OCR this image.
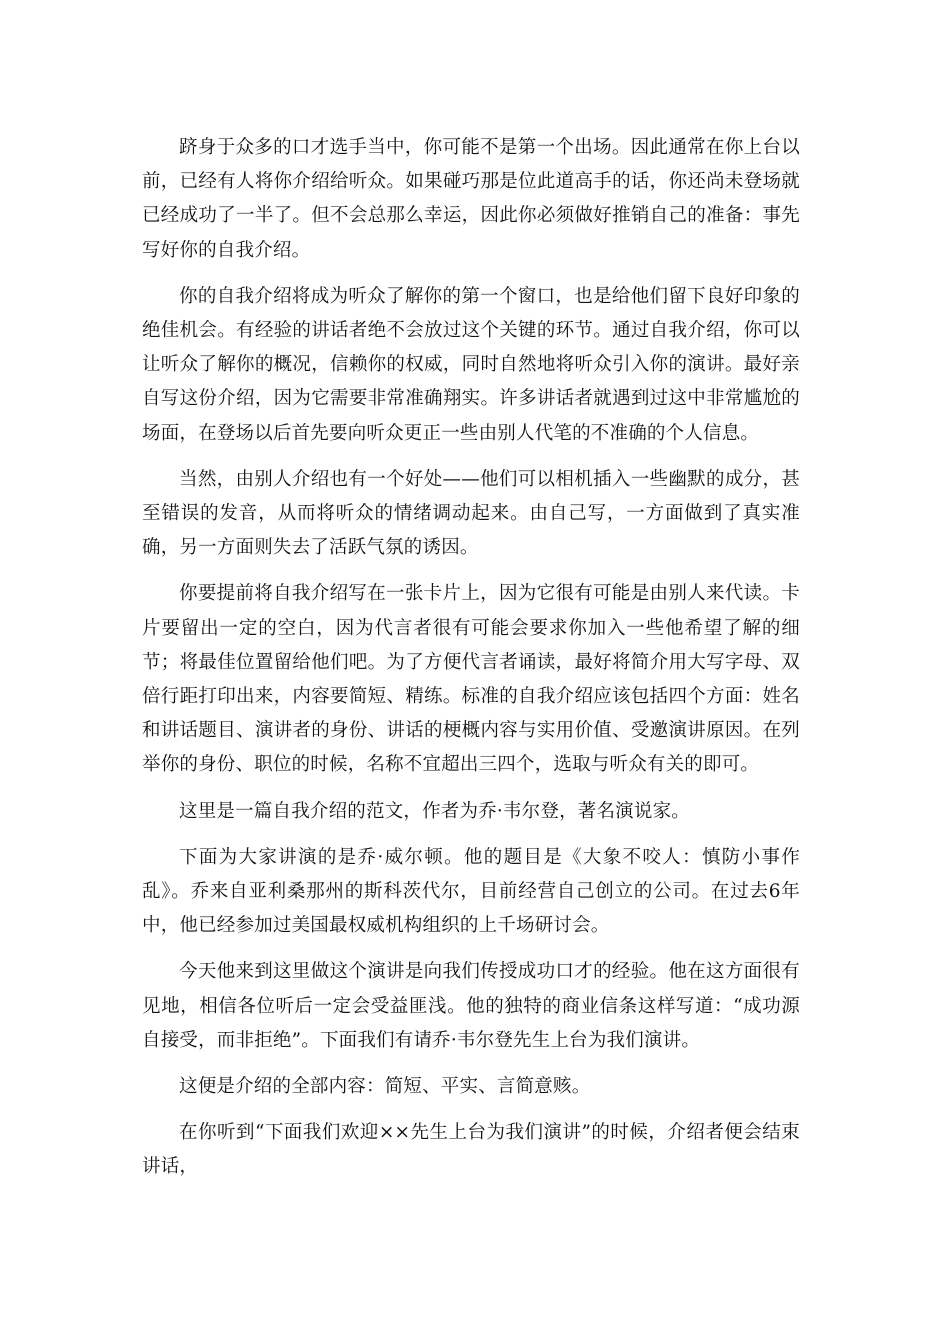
跻身于众多的口才选手当中，你可能不是第一个出场。因此通常在你上台以前，已经有人将你介绍给听众。如果碰巧那是位此道高手的话，你还尚未登场就已经成功了一半了。但不会总那么幸运，因此你必须做好推销自己的准备：事先写好你的自我介绍。

你的自我介绍将成为听众了解你的第一个窗口，也是给他们留下良好印象的绝佳机会。有经验的讲话者绝不会放过这个关键的环节。通过自我介绍，你可以让听众了解你的概况，信赖你的权威，同时自然地将听众引入你的演讲。最好亲自写这份介绍，因为它需要非常准确翔实。许多讲话者就遇到过这中非常尴尬的场面，在登场以后首先要向听众更正一些由别人代笔的不准确的个人信息。

当然，由别人介绍也有一个好处——他们可以相机插入一些幽默的成分，甚至错误的发音，从而将听众的情绪调动起来。由自己写，一方面做到了真实准确，另一方面则失去了活跃气氛的诱因。

你要提前将自我介绍写在一张卡片上，因为它很有可能是由别人来代读。卡片要留出一定的空白，因为代言者很有可能会要求你加入一些他希望了解的细节；将最佳位置留给他们吧。为了方便代言者诵读，最好将简介用大写字母、双倍行距打印出来，内容要简短、精练。标准的自我介绍应该包括四个方面：姓名和讲话题目、演讲者的身份、讲话的梗概内容与实用价值、受邀演讲原因。在列举你的身份、职位的时候，名称不宜超出三四个，选取与听众有关的即可。

这里是一篇自我介绍的范文，作者为乔·韦尔登，著名演说家。

下面为大家讲演的是乔·威尔顿。他的题目是《大象不咬人：慎防小事作乱》。乔来自亚利桑那州的斯科茨代尔，目前经营自己创立的公司。在过去6年中，他已经参加过美国最权威机构组织的上千场研讨会。

今天他来到这里做这个演讲是向我们传授成功口才的经验。他在这方面很有见地，相信各位听后一定会受益匪浅。他的独特的商业信条这样写道：“成功源自接受，而非拒绝”。下面我们有请乔·韦尔登先生上台为我们演讲。

这便是介绍的全部内容：简短、平实、言简意赅。

在你听到“下面我们欢迎××先生上台为我们演讲”的时候，介绍者便会结束讲话，
